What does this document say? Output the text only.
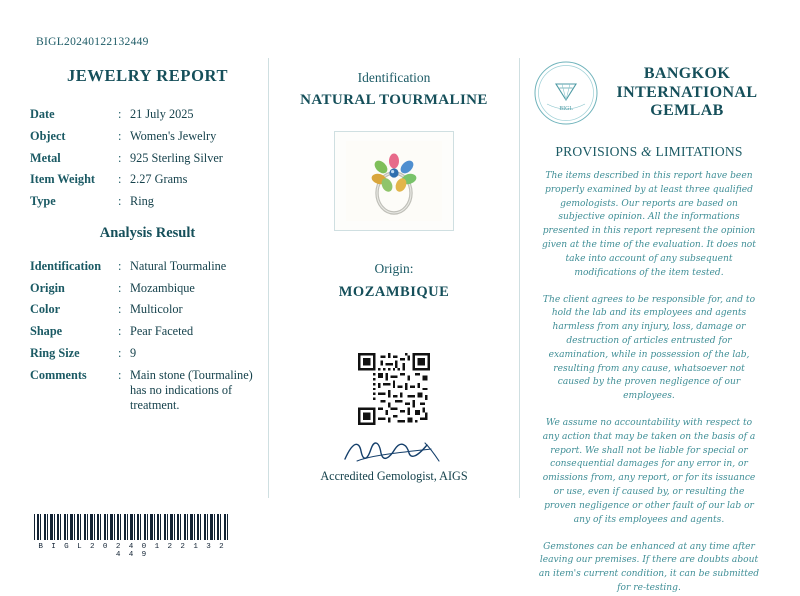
BIGL20240122132449
JEWELRY REPORT
Date	:	21 July 2025
Object	:	Women's Jewelry
Metal	:	925 Sterling Silver
Item Weight	:	2.27 Grams
Type	:	Ring
Analysis Result
Identification	:	Natural Tourmaline
Origin	:	Mozambique
Color	:	Multicolor
Shape	:	Pear Faceted
Ring Size	:	9
Comments	:	Main stone (Tourmaline) has no indications of treatment.
B I G L 2 0 2 4 0 1 2 2 1 3 2 4 4 9
Identification
NATURAL TOURMALINE
Origin:
MOZAMBIQUE
Accredited Gemologist, AIGS
BIGL
BANGKOK
INTERNATIONAL
GEMLAB
PROVISIONS & LIMITATIONS
The items described in this report have been properly examined by at least three qualified gemologists. Our reports are based on subjective opinion. All the informations presented in this report represent the opinion given at the time of the evaluation. It does not take into account of any subsequent modifications of the item tested.
The client agrees to be responsible for, and to hold the lab and its employees and agents harmless from any injury, loss, damage or destruction of articles entrusted for examination, while in possession of the lab, resulting from any cause, whatsoever not caused by the proven negligence of our employees.
We assume no accountability with respect to any action that may be taken on the basis of a report. We shall not be liable for special or consequential damages for any error in, or omissions from, any report, or for its issuance or use, even if caused by, or resulting the proven negligence or other fault of our lab or any of its employees and agents.
Gemstones can be enhanced at any time after leaving our premises. If there are doubts about an item's current condition, it can be submitted for re-testing.
